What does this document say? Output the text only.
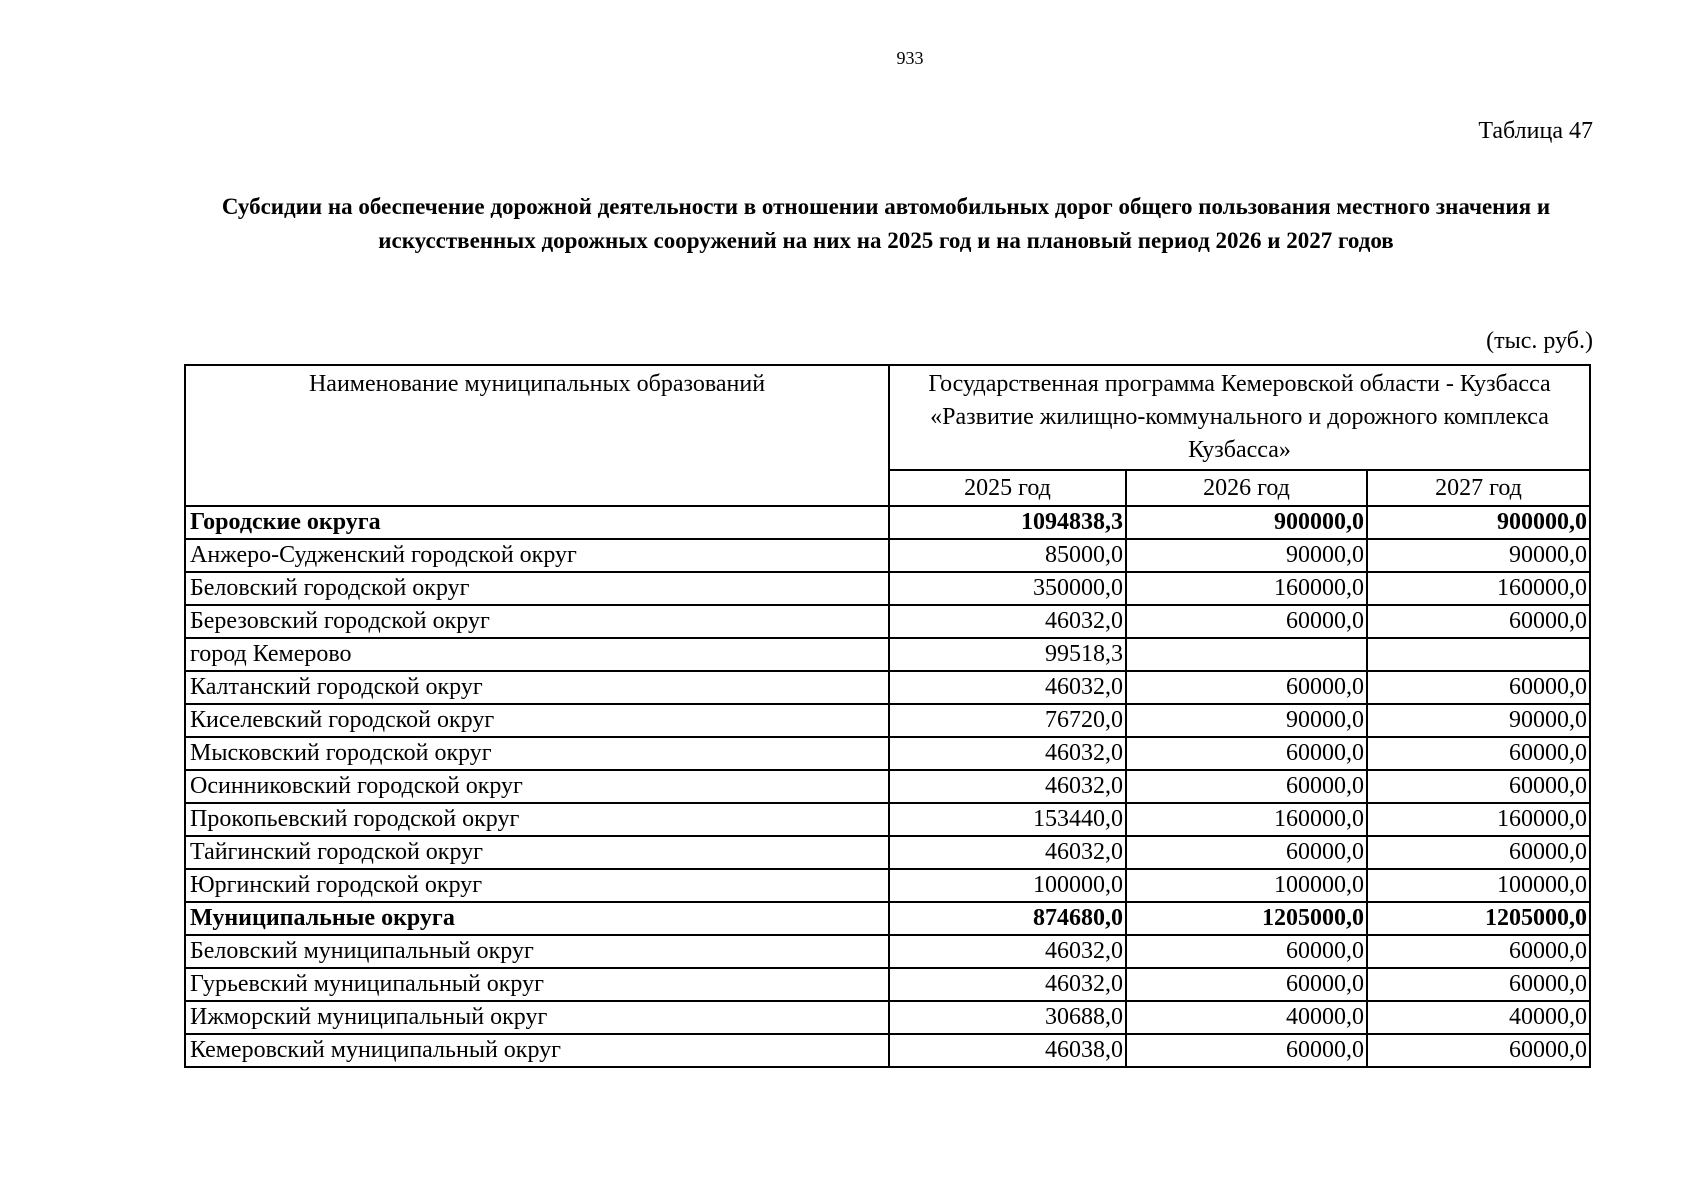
933
Таблица 47
Субсидии на обеспечение дорожной деятельности в отношении автомобильных дорог общего пользования местного значения и искусственных дорожных сооружений на них на 2025 год и на плановый период 2026 и 2027 годов
(тыс. руб.)
Наименование муниципальных образований	Государственная программа Кемеровской области - Кузбасса «Развитие жилищно-коммунального и дорожного комплекса Кузбасса»		
	2025 год	2026 год	2027 год
Городские округа	1094838,3	900000,0	900000,0
Анжеро-Судженский городской округ	85000,0	90000,0	90000,0
Беловский городской округ	350000,0	160000,0	160000,0
Березовский городской округ	46032,0	60000,0	60000,0
город Кемерово	99518,3		
Калтанский городской округ	46032,0	60000,0	60000,0
Киселевский городской округ	76720,0	90000,0	90000,0
Мысковский городской округ	46032,0	60000,0	60000,0
Осинниковский городской округ	46032,0	60000,0	60000,0
Прокопьевский городской округ	153440,0	160000,0	160000,0
Тайгинский городской округ	46032,0	60000,0	60000,0
Юргинский городской округ	100000,0	100000,0	100000,0
Муниципальные округа	874680,0	1205000,0	1205000,0
Беловский муниципальный округ	46032,0	60000,0	60000,0
Гурьевский муниципальный округ	46032,0	60000,0	60000,0
Ижморский муниципальный округ	30688,0	40000,0	40000,0
Кемеровский муниципальный округ	46038,0	60000,0	60000,0
